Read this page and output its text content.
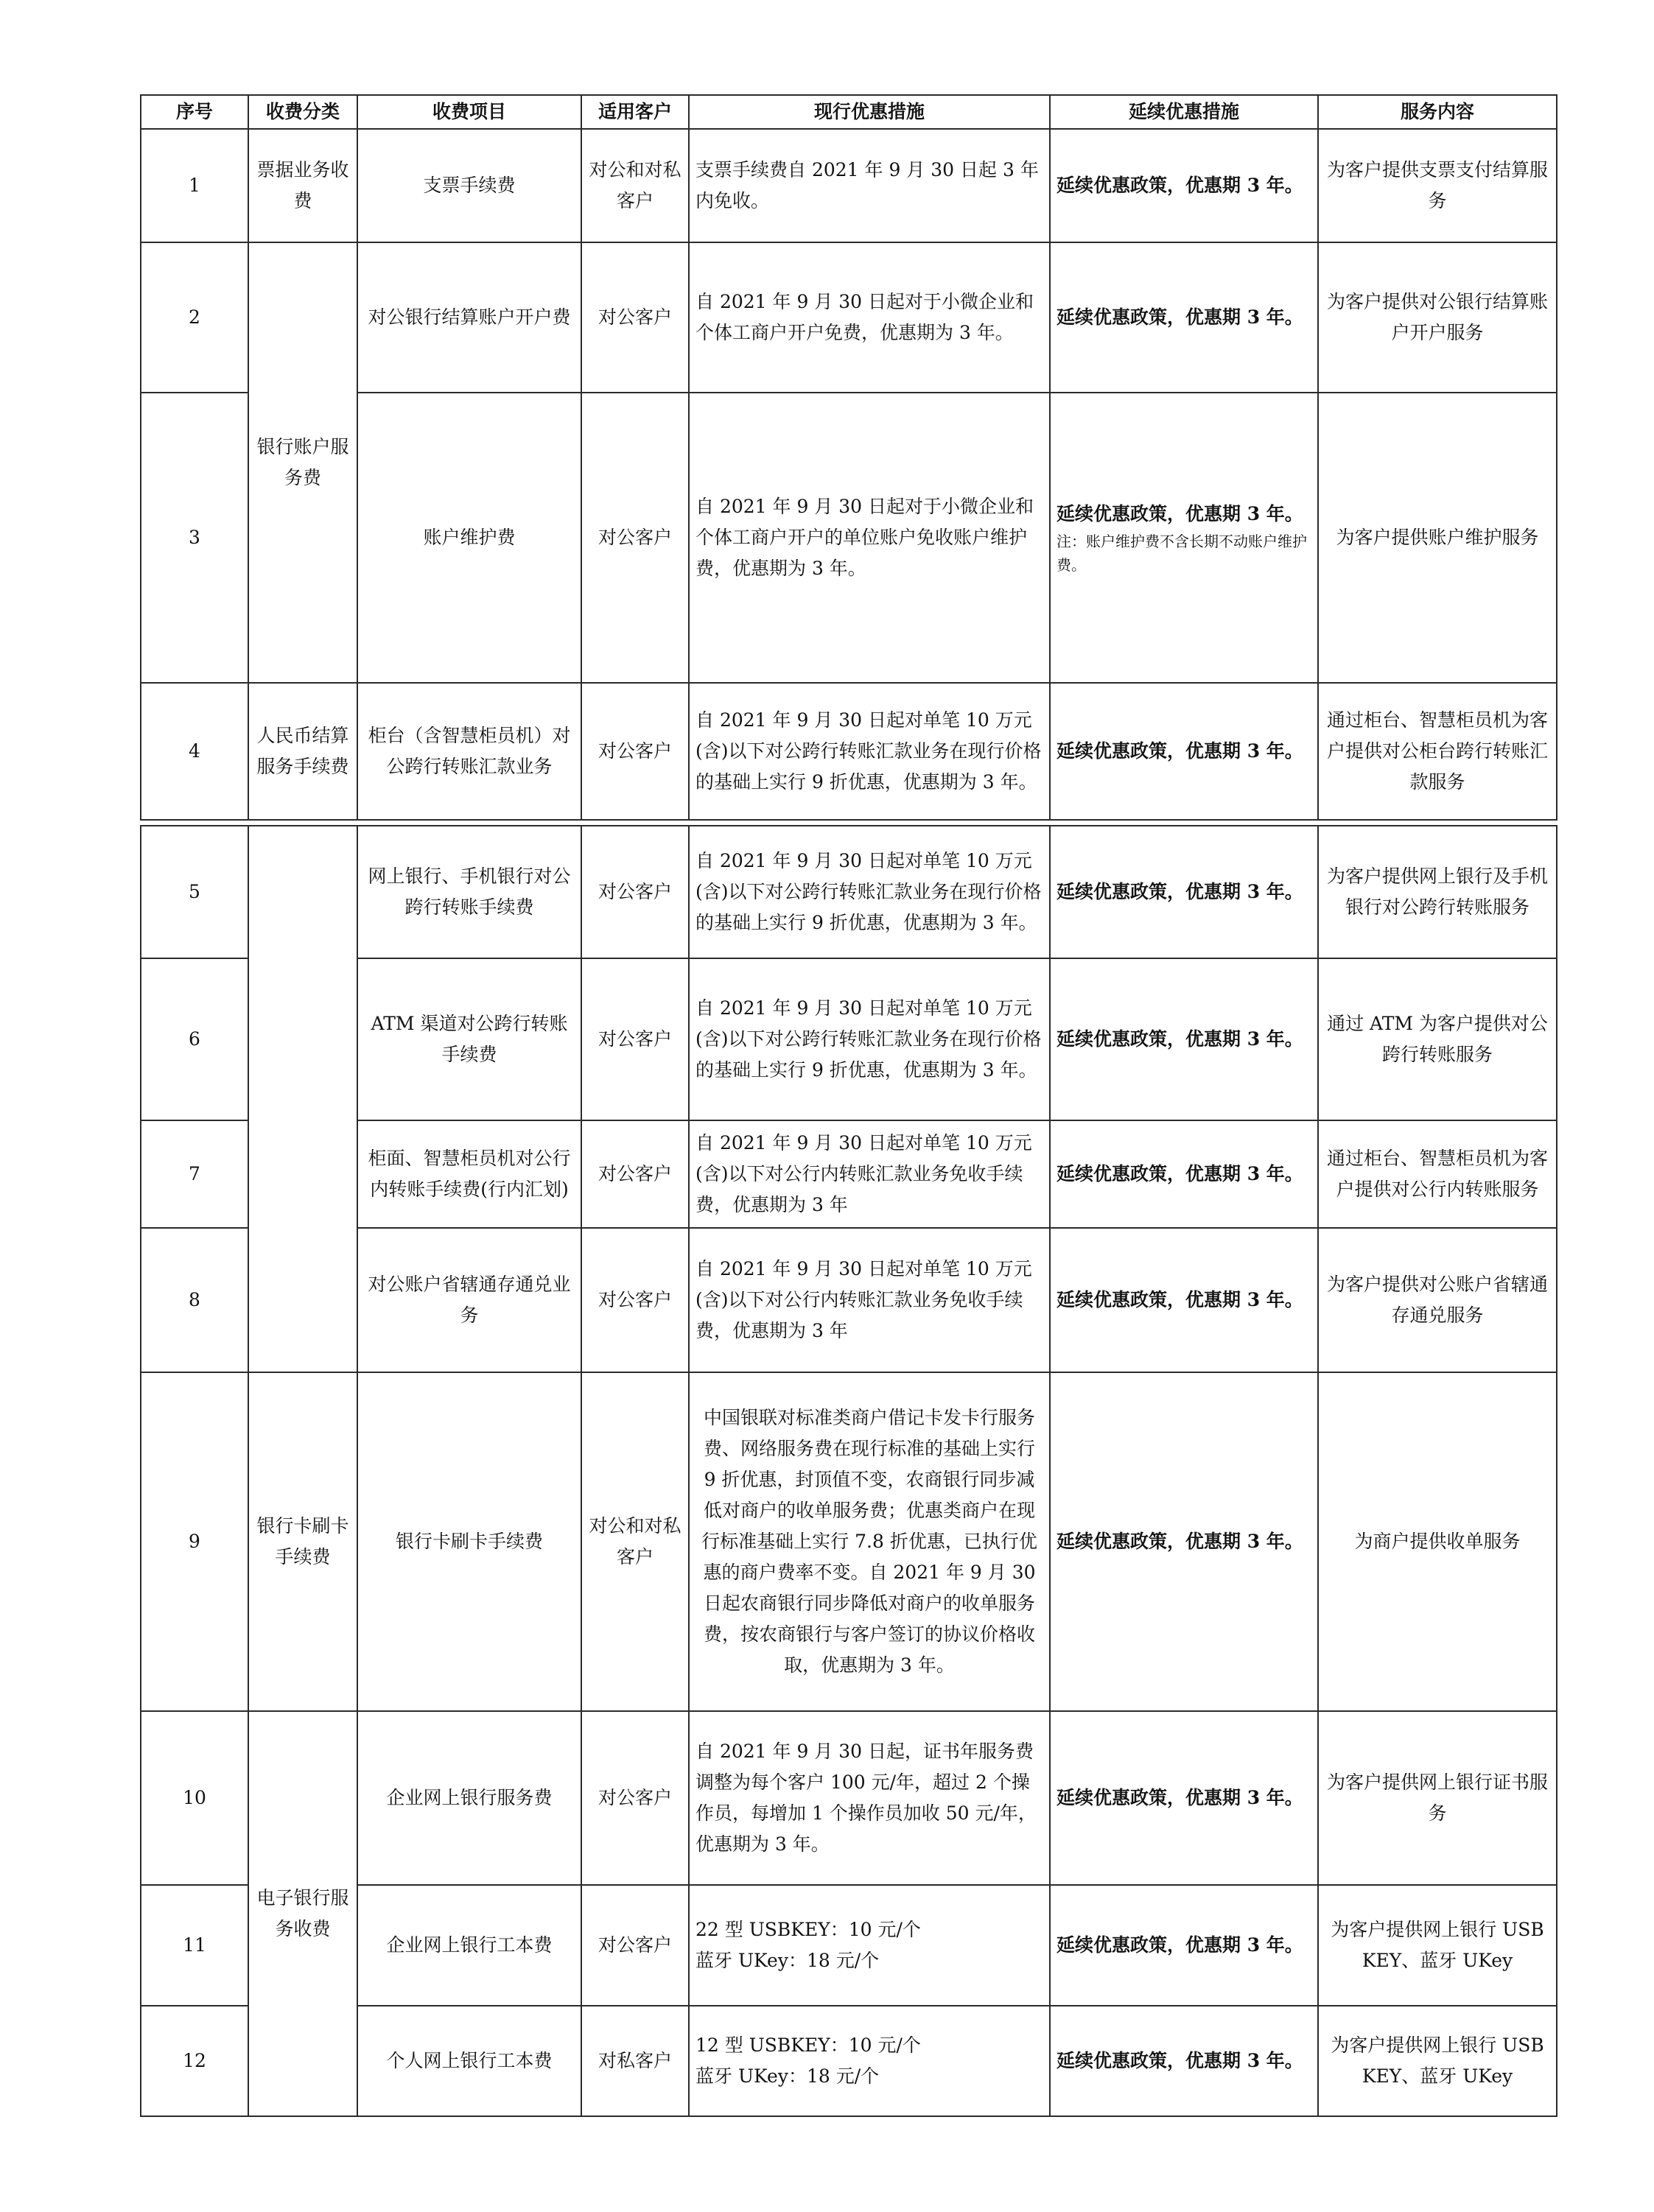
序号	收费分类	收费项目	适用客户	现行优惠措施	延续优惠措施	服务内容
1	票据业务收费	支票手续费	对公和对私客户	支票手续费自 2021 年 9 月 30 日起 3 年内免收。	延续优惠政策，优惠期 3 年。	为客户提供支票支付结算服务
2	银行账户服务费	对公银行结算账户开户费	对公客户	自 2021 年 9 月 30 日起对于小微企业和个体工商户开户免费，优惠期为 3 年。	延续优惠政策，优惠期 3 年。	为客户提供对公银行结算账户开户服务
3		账户维护费	对公客户	自 2021 年 9 月 30 日起对于小微企业和个体工商户开户的单位账户免收账户维护费，优惠期为 3 年。	延续优惠政策，优惠期 3 年。
注：账户维护费不含长期不动账户维护费。	为客户提供账户维护服务
4	人民币结算服务手续费	柜台（含智慧柜员机）对公跨行转账汇款业务	对公客户	自 2021 年 9 月 30 日起对单笔 10 万元(含)以下对公跨行转账汇款业务在现行价格的基础上实行 9 折优惠，优惠期为 3 年。	延续优惠政策，优惠期 3 年。	通过柜台、智慧柜员机为客户提供对公柜台跨行转账汇款服务
5		网上银行、手机银行对公跨行转账手续费	对公客户	自 2021 年 9 月 30 日起对单笔 10 万元(含)以下对公跨行转账汇款业务在现行价格的基础上实行 9 折优惠，优惠期为 3 年。	延续优惠政策，优惠期 3 年。	为客户提供网上银行及手机银行对公跨行转账服务
6		ATM 渠道对公跨行转账手续费	对公客户	自 2021 年 9 月 30 日起对单笔 10 万元(含)以下对公跨行转账汇款业务在现行价格的基础上实行 9 折优惠，优惠期为 3 年。	延续优惠政策，优惠期 3 年。	通过 ATM 为客户提供对公跨行转账服务
7		柜面、智慧柜员机对公行内转账手续费(行内汇划)	对公客户	自 2021 年 9 月 30 日起对单笔 10 万元(含)以下对公行内转账汇款业务免收手续费，优惠期为 3 年	延续优惠政策，优惠期 3 年。	通过柜台、智慧柜员机为客户提供对公行内转账服务
8		对公账户省辖通存通兑业务	对公客户	自 2021 年 9 月 30 日起对单笔 10 万元(含)以下对公行内转账汇款业务免收手续费，优惠期为 3 年	延续优惠政策，优惠期 3 年。	为客户提供对公账户省辖通存通兑服务
9	银行卡刷卡手续费	银行卡刷卡手续费	对公和对私客户	中国银联对标准类商户借记卡发卡行服务费、网络服务费在现行标准的基础上实行 9 折优惠，封顶值不变，农商银行同步减低对商户的收单服务费；优惠类商户在现行标准基础上实行 7.8 折优惠，已执行优惠的商户费率不变。自 2021 年 9 月 30 日起农商银行同步降低对商户的收单服务费，按农商银行与客户签订的协议价格收取，优惠期为 3 年。	延续优惠政策，优惠期 3 年。	为商户提供收单服务
10	电子银行服务收费	企业网上银行服务费	对公客户	自 2021 年 9 月 30 日起，证书年服务费调整为每个客户 100 元/年，超过 2 个操作员，每增加 1 个操作员加收 50 元/年，优惠期为 3 年。	延续优惠政策，优惠期 3 年。	为客户提供网上银行证书服务
11		企业网上银行工本费	对公客户	22 型 USBKEY：10 元/个
蓝牙 UKey：18 元/个	延续优惠政策，优惠期 3 年。	为客户提供网上银行 USBKEY、蓝牙 UKey
12		个人网上银行工本费	对私客户	12 型 USBKEY：10 元/个
蓝牙 UKey：18 元/个	延续优惠政策，优惠期 3 年。	为客户提供网上银行 USBKEY、蓝牙 UKey
